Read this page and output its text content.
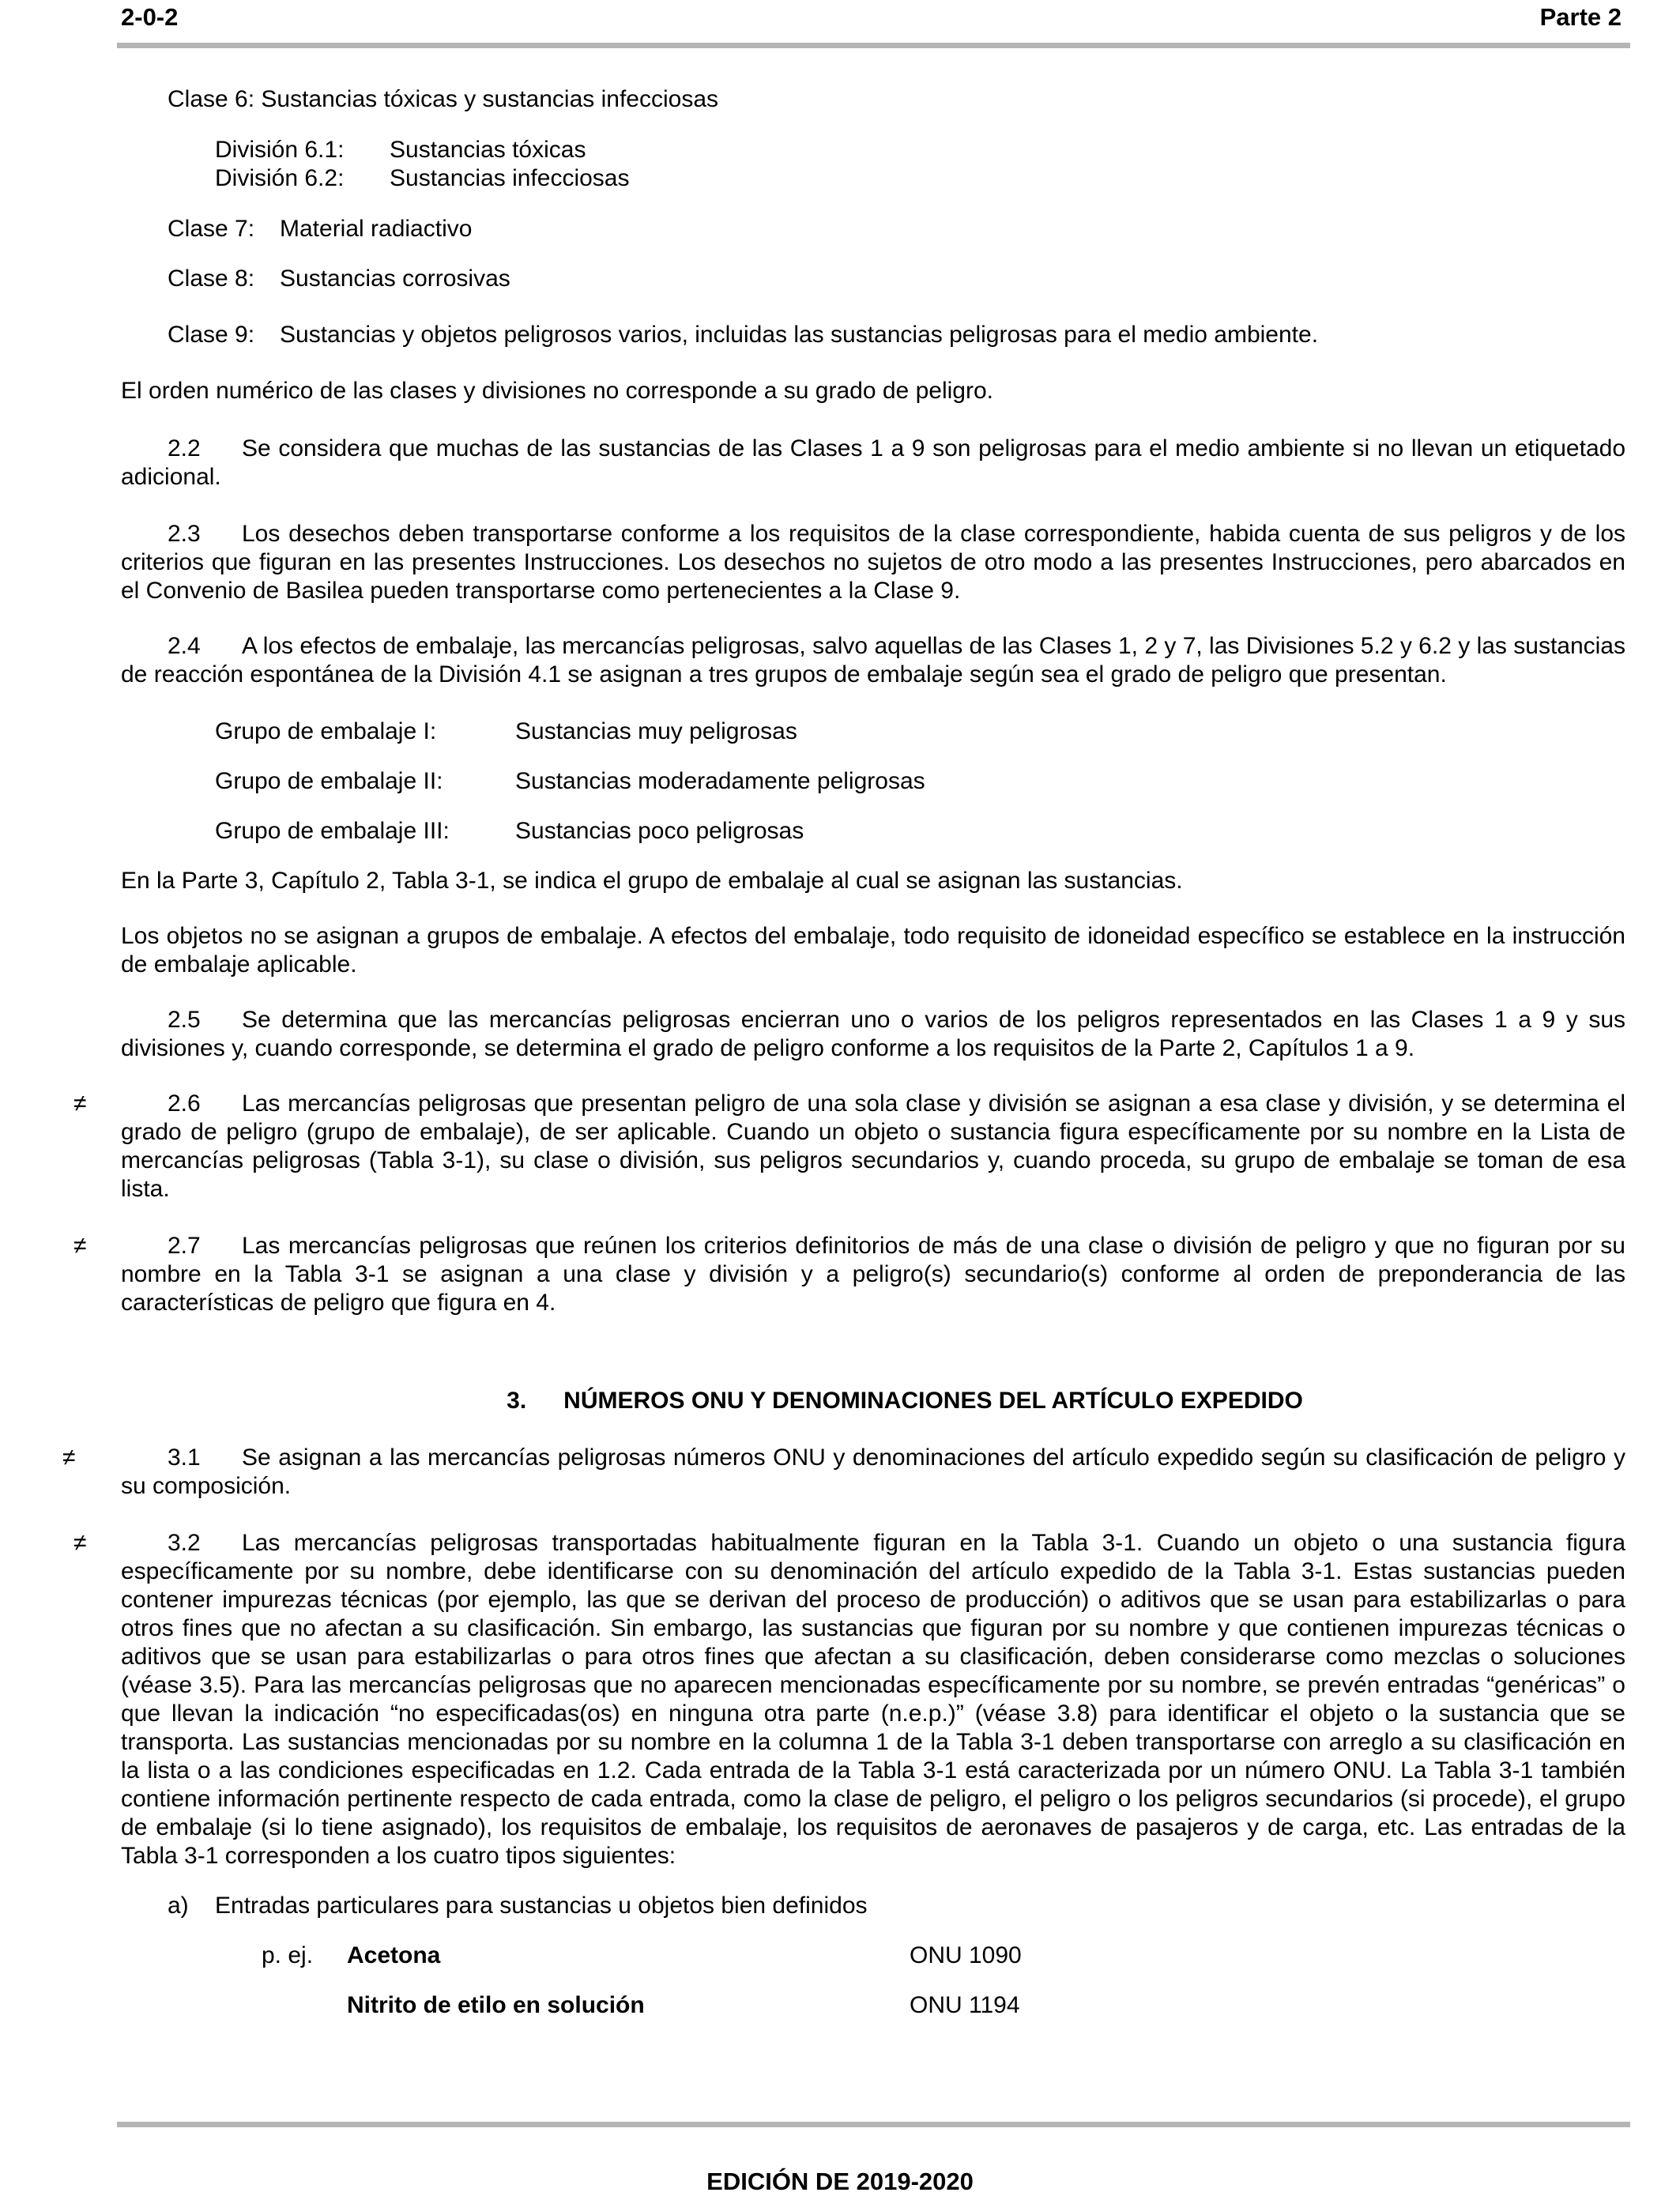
2-0-2	Parte 2

Clase 6: Sustancias tóxicas y sustancias infecciosas

División 6.1: Sustancias tóxicas

División 6.2: Sustancias infecciosas

Clase 7: Material radiactivo

Clase 8: Sustancias corrosivas

Clase 9: Sustancias y objetos peligrosos varios, incluidas las sustancias peligrosas para el medio ambiente.

El orden numérico de las clases y divisiones no corresponde a su grado de peligro.

2.2 Se considera que muchas de las sustancias de las Clases 1 a 9 son peligrosas para el medio ambiente si no llevan un etiquetado adicional.

2.3 Los desechos deben transportarse conforme a los requisitos de la clase correspondiente, habida cuenta de sus peligros y de los criterios que figuran en las presentes Instrucciones. Los desechos no sujetos de otro modo a las presentes Instrucciones, pero abarcados en el Convenio de Basilea pueden transportarse como pertenecientes a la Clase 9.

2.4 A los efectos de embalaje, las mercancías peligrosas, salvo aquellas de las Clases 1, 2 y 7, las Divisiones 5.2 y 6.2 y las sustancias de reacción espontánea de la División 4.1 se asignan a tres grupos de embalaje según sea el grado de peligro que presentan.

Grupo de embalaje I:	Sustancias muy peligrosas

Grupo de embalaje II:	Sustancias moderadamente peligrosas

Grupo de embalaje III:	Sustancias poco peligrosas

En la Parte 3, Capítulo 2, Tabla 3-1, se indica el grupo de embalaje al cual se asignan las sustancias.

Los objetos no se asignan a grupos de embalaje. A efectos del embalaje, todo requisito de idoneidad específico se establece en la instrucción de embalaje aplicable.

2.5 Se determina que las mercancías peligrosas encierran uno o varios de los peligros representados en las Clases 1 a 9 y sus divisiones y, cuando corresponde, se determina el grado de peligro conforme a los requisitos de la Parte 2, Capítulos 1 a 9.

≠	2.6 Las mercancías peligrosas que presentan peligro de una sola clase y división se asignan a esa clase y división, y se determina el grado de peligro (grupo de embalaje), de ser aplicable. Cuando un objeto o sustancia figura específicamente por su nombre en la Lista de mercancías peligrosas (Tabla 3-1), su clase o división, sus peligros secundarios y, cuando proceda, su grupo de embalaje se toman de esa lista.

≠	2.7 Las mercancías peligrosas que reúnen los criterios definitorios de más de una clase o división de peligro y que no figuran por su nombre en la Tabla 3-1 se asignan a una clase y división y a peligro(s) secundario(s) conforme al orden de preponderancia de las características de peligro que figura en 4.

3. NÚMEROS ONU Y DENOMINACIONES DEL ARTÍCULO EXPEDIDO

≠	3.1 Se asignan a las mercancías peligrosas números ONU y denominaciones del artículo expedido según su clasificación de peligro y su composición.

≠	3.2 Las mercancías peligrosas transportadas habitualmente figuran en la Tabla 3-1. Cuando un objeto o una sustancia figura específicamente por su nombre, debe identificarse con su denominación del artículo expedido de la Tabla 3-1. Estas sustancias pueden contener impurezas técnicas (por ejemplo, las que se derivan del proceso de producción) o aditivos que se usan para estabilizarlas o para otros fines que no afectan a su clasificación. Sin embargo, las sustancias que figuran por su nombre y que contienen impurezas técnicas o aditivos que se usan para estabilizarlas o para otros fines que afectan a su clasificación, deben considerarse como mezclas o soluciones (véase 3.5). Para las mercancías peligrosas que no aparecen mencionadas específicamente por su nombre, se prevén entradas “genéricas” o que llevan la indicación “no especificadas(os) en ninguna otra parte (n.e.p.)” (véase 3.8) para identificar el objeto o la sustancia que se transporta. Las sustancias mencionadas por su nombre en la columna 1 de la Tabla 3-1 deben transportarse con arreglo a su clasificación en la lista o a las condiciones especificadas en 1.2. Cada entrada de la Tabla 3-1 está caracterizada por un número ONU. La Tabla 3-1 también contiene información pertinente respecto de cada entrada, como la clase de peligro, el peligro o los peligros secundarios (si procede), el grupo de embalaje (si lo tiene asignado), los requisitos de embalaje, los requisitos de aeronaves de pasajeros y de carga, etc. Las entradas de la Tabla 3-1 corresponden a los cuatro tipos siguientes:

a) Entradas particulares para sustancias u objetos bien definidos

p. ej. Acetona	ONU 1090

Nitrito de etilo en solución	ONU 1194

EDICIÓN DE 2019-2020
